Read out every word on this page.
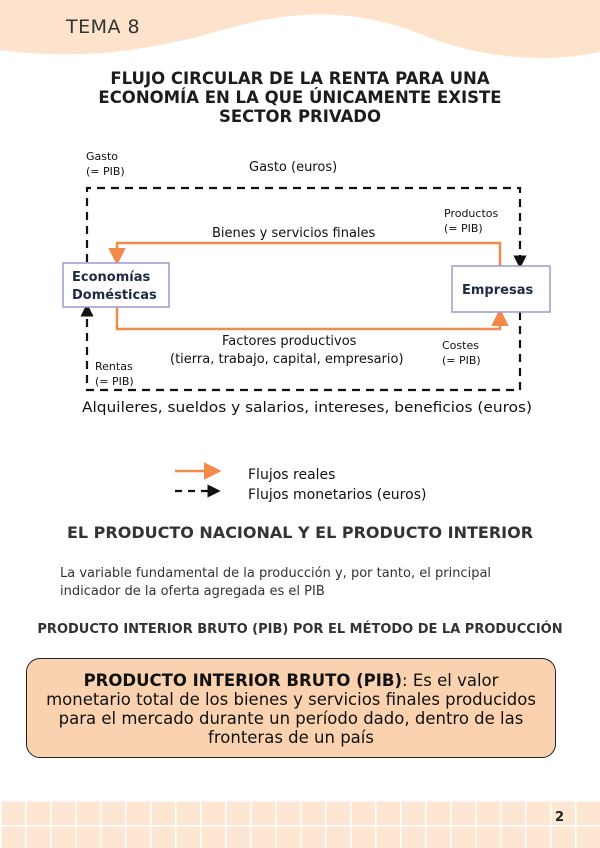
TEMA 8
FLUJO CIRCULAR DE LA RENTA PARA UNA
ECONOMÍA EN LA QUE ÚNICAMENTE EXISTE
SECTOR PRIVADO
Economías
Domésticas	Empresas
Gasto
(= PIB)	Gasto (euros)
Productos
(= PIB)
Bienes y servicios finales
Factores productivos
(tierra, trabajo, capital, empresario)
Costes
(= PIB)
Rentas
(= PIB)
Alquileres, sueldos y salarios, intereses, beneficios (euros)
Flujos reales
Flujos monetarios (euros)
EL PRODUCTO NACIONAL Y EL PRODUCTO INTERIOR

La variable fundamental de la producción y, por tanto, el principal indicador de la oferta agregada es el PIB

PRODUCTO INTERIOR BRUTO (PIB) POR EL MÉTODO DE LA PRODUCCIÓN
PRODUCTO INTERIOR BRUTO (PIB): Es el valor monetario total de los bienes y servicios finales producidos para el mercado durante un período dado, dentro de las fronteras de un país
2
